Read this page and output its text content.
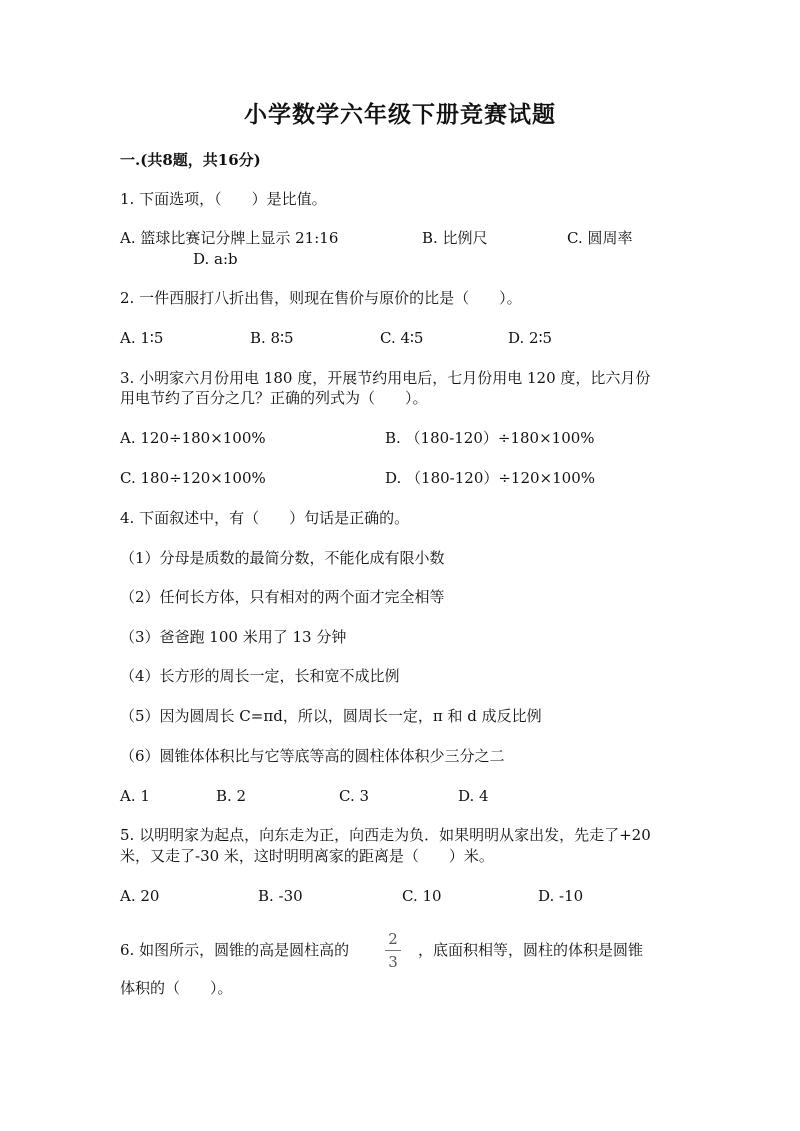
小学数学六年级下册竞赛试题
一.(共8题，共16分)
1. 下面选项，（　　）是比值。
A. 篮球比赛记分牌上显示 21:16	B. 比例尺	C. 圆周率
D. a:b
2. 一件西服打八折出售，则现在售价与原价的比是（　　）。
A. 1∶5	B. 8∶5	C. 4∶5	D. 2∶5
3. 小明家六月份用电 180 度，开展节约用电后，七月份用电 120 度，比六月份
用电节约了百分之几？正确的列式为（　　）。
A. 120÷180×100%	B. （180-120）÷180×100%
C. 180÷120×100%	D. （180-120）÷120×100%
4. 下面叙述中，有（　　）句话是正确的。
（1）分母是质数的最简分数，不能化成有限小数
（2）任何长方体，只有相对的两个面才完全相等
（3）爸爸跑 100 米用了 13 分钟
（4）长方形的周长一定，长和宽不成比例
（5）因为圆周长 C=πd，所以，圆周长一定，π 和 d 成反比例
（6）圆锥体体积比与它等底等高的圆柱体体积少三分之二
A. 1	B. 2	C. 3	D. 4
5. 以明明家为起点，向东走为正，向西走为负．如果明明从家出发，先走了+20
米，又走了-30 米，这时明明离家的距离是（　　）米。
A. 20	B. -30	C. 10	D. -10
6. 如图所示，圆锥的高是圆柱高的
2
3
，底面积相等，圆柱的体积是圆锥
体积的（　　）。
